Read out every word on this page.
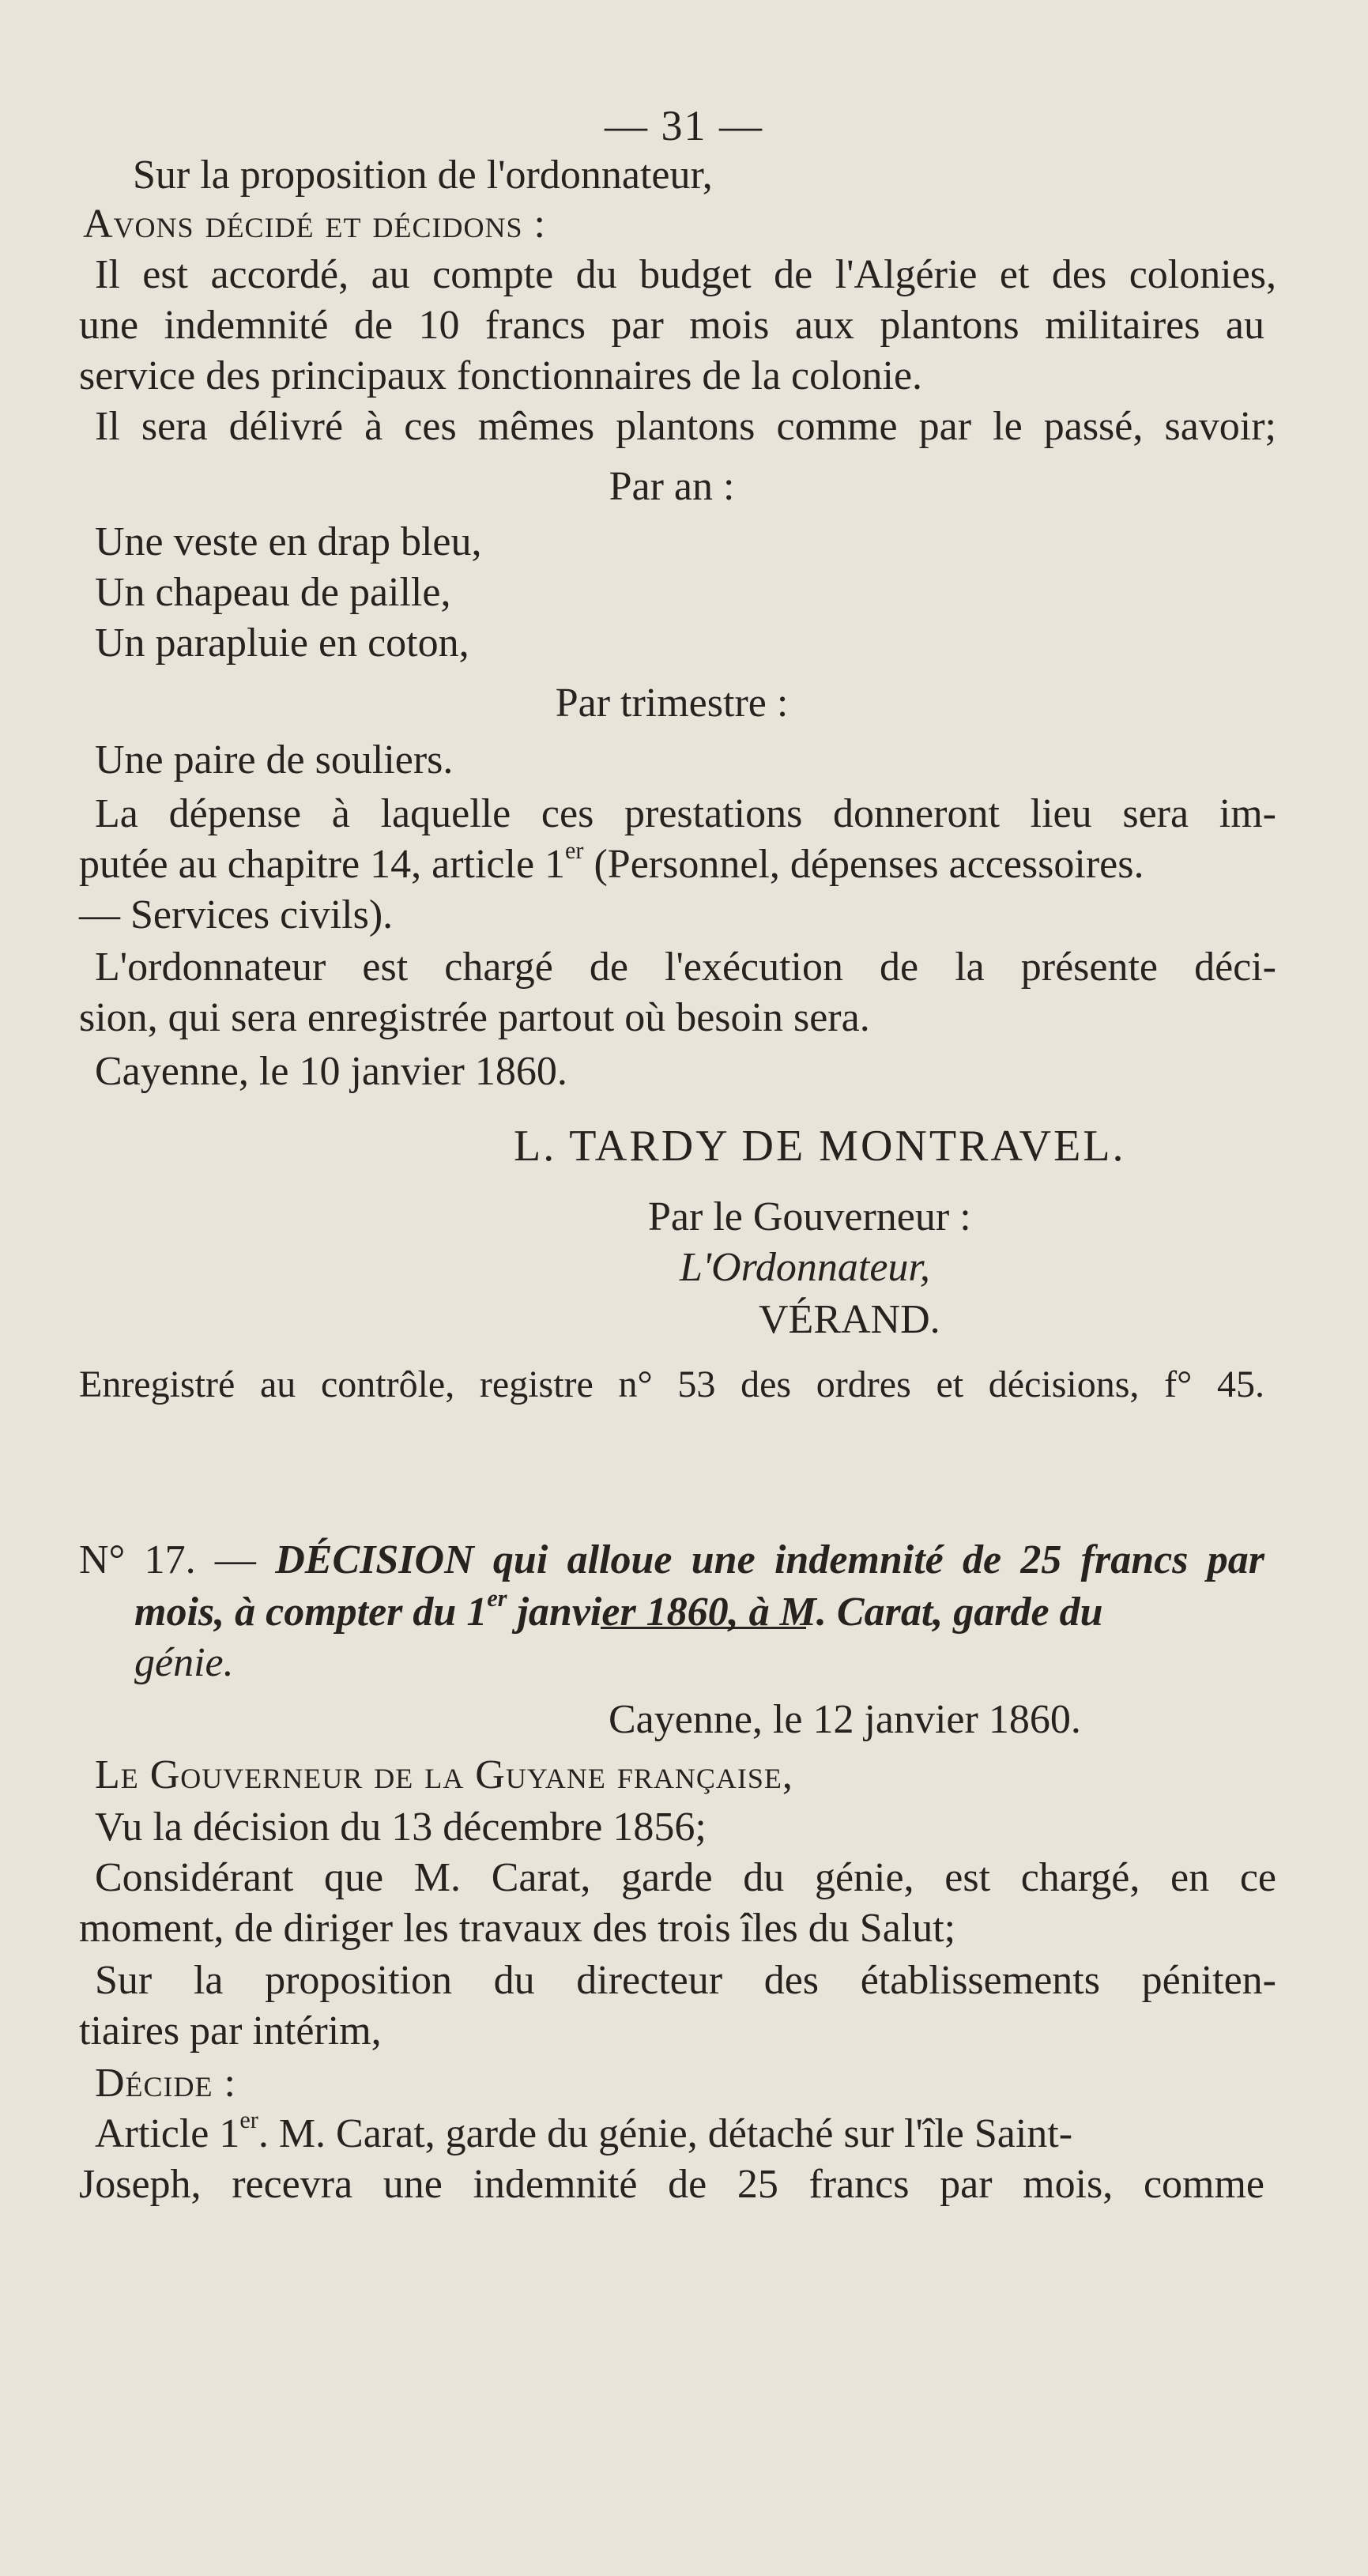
— 31 —
Sur la proposition de l'ordonnateur,
Avons décidé et décidons :
Il est accordé, au compte du budget de l'Algérie et des colonies,
une indemnité de 10 francs par mois aux plantons militaires au
service des principaux fonctionnaires de la colonie.
Il sera délivré à ces mêmes plantons comme par le passé, savoir;
Par an :
Une veste en drap bleu,
Un chapeau de paille,
Un parapluie en coton,
Par trimestre :
Une paire de souliers.
La dépense à laquelle ces prestations donneront lieu sera im-
putée au chapitre 14, article 1er (Personnel, dépenses accessoires.
— Services civils).
L'ordonnateur est chargé de l'exécution de la présente déci-
sion, qui sera enregistrée partout où besoin sera.
Cayenne, le 10 janvier 1860.
L. TARDY DE MONTRAVEL.
Par le Gouverneur :
L'Ordonnateur,
VÉRAND.
Enregistré au contrôle, registre n° 53 des ordres et décisions, f° 45.
N° 17. — DÉCISION qui alloue une indemnité de 25 francs par
mois, à compter du 1er janvier 1860, à M. Carat, garde du
génie.
Cayenne, le 12 janvier 1860.
Le Gouverneur de la Guyane française,
Vu la décision du 13 décembre 1856;
Considérant que M. Carat, garde du génie, est chargé, en ce
moment, de diriger les travaux des trois îles du Salut;
Sur la proposition du directeur des établissements péniten-
tiaires par intérim,
Décide :
Article 1er. M. Carat, garde du génie, détaché sur l'île Saint-
Joseph, recevra une indemnité de 25 francs par mois, comme
